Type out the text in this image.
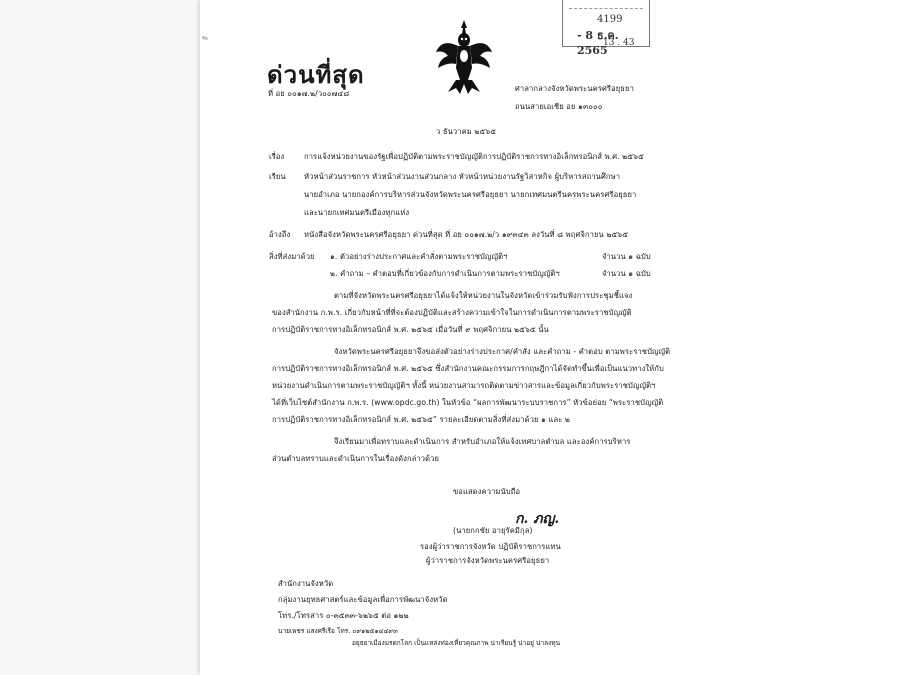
4199
- 8 ธ.ค. 2565
13 . 43
✎
ด่วนที่สุด
ที่ อย ๐๐๑๗.๒/ว๐๐๗๔๘
ศาลากลางจังหวัดพระนครศรีอยุธยา
ถนนสายเอเชีย อย ๑๓๐๐๐
ว ธันวาคม ๒๕๖๕
เรื่อง	การแจ้งหน่วยงานของรัฐเพื่อปฏิบัติตามพระราชบัญญัติการปฏิบัติราชการทางอิเล็กทรอนิกส์ พ.ศ. ๒๕๖๕
เรียน หัวหน้าส่วนราชการ หัวหน้าส่วนงานส่วนกลาง หัวหน้าหน่วยงานรัฐวิสาหกิจ ผู้บริหารสถานศึกษา
นายอำเภอ นายกองค์การบริหารส่วนจังหวัดพระนครศรีอยุธยา นายกเทศมนตรีนครพระนครศรีอยุธยา
และนายกเทศมนตรีเมืองทุกแห่ง
อ้างถึง หนังสือจังหวัดพระนครศรีอยุธยา ด่วนที่สุด ที่ อย ๐๐๑๗.๒/ว ๑๙๓๔๓ ลงวันที่ ๘ พฤศจิกายน ๒๕๖๕
สิ่งที่ส่งมาด้วย ๑. ตัวอย่างร่างประกาศและคำสั่งตามพระราชบัญญัติฯ	จำนวน ๑ ฉบับ
๒. คำถาม – คำตอบที่เกี่ยวข้องกับการดำเนินการตามพระราชบัญญัติฯ	จำนวน ๑ ฉบับ
ตามที่จังหวัดพระนครศรีอยุธยาได้แจ้งให้หน่วยงานในจังหวัดเข้าร่วมรับฟังการประชุมชี้แจง
ของสำนักงาน ก.พ.ร. เกี่ยวกับหน้าที่ที่จะต้องปฏิบัติและสร้างความเข้าใจในการดำเนินการตามพระราชบัญญัติ
การปฏิบัติราชการทางอิเล็กทรอนิกส์ พ.ศ. ๒๕๖๕ เมื่อวันที่ ๙ พฤศจิกายน ๒๕๖๕ นั้น
จังหวัดพระนครศรีอยุธยาจึงขอส่งตัวอย่างร่างประกาศ/คำสั่ง และคำถาม - คำตอบ ตามพระราชบัญญัติ
การปฏิบัติราชการทางอิเล็กทรอนิกส์ พ.ศ. ๒๕๖๕ ซึ่งสำนักงานคณะกรรมการกฤษฎีกาได้จัดทำขึ้นเพื่อเป็นแนวทางให้กับ
หน่วยงานดำเนินการตามพระราชบัญญัติฯ ทั้งนี้ หน่วยงานสามารถติดตามข่าวสารและข้อมูลเกี่ยวกับพระราชบัญญัติฯ
ได้ที่เว็บไซต์สำนักงาน ก.พ.ร. (www.opdc.go.th) ในหัวข้อ “ผลการพัฒนาระบบราชการ” หัวข้อย่อย “พระราชบัญญัติ
การปฏิบัติราชการทางอิเล็กทรอนิกส์ พ.ศ. ๒๕๖๕” รายละเอียดตามสิ่งที่ส่งมาด้วย ๑ และ ๒
จึงเรียนมาเพื่อทราบและดำเนินการ สำหรับอำเภอให้แจ้งเทศบาลตำบล และองค์การบริหาร
ส่วนตำบลทราบและดำเนินการในเรื่องดังกล่าวด้วย
ขอแสดงความนับถือ
ก. ภญ.
(นายกกชัย อายุรัคมีกุล)
รองผู้ว่าราชการจังหวัด ปฏิบัติราชการแทน
ผู้ว่าราชการจังหวัดพระนครศรีอยุธยา
สำนักงานจังหวัด
กลุ่มงานยุทธศาสตร์และข้อมูลเพื่อการพัฒนาจังหวัด
โทร./โทรสาร ๐-๓๕๓๓-๖๒๖๕ ต่อ ๑๒๒
นายเพชร แสงศรีเรือ โทร. ๐๙๑๒๕๑๔๔๙๓
อยุธยาเมืองมรดกโลก เป็นแหล่งท่องเที่ยวคุณภาพ น่าเรียนรู้ น่าอยู่ น่าลงทุน
